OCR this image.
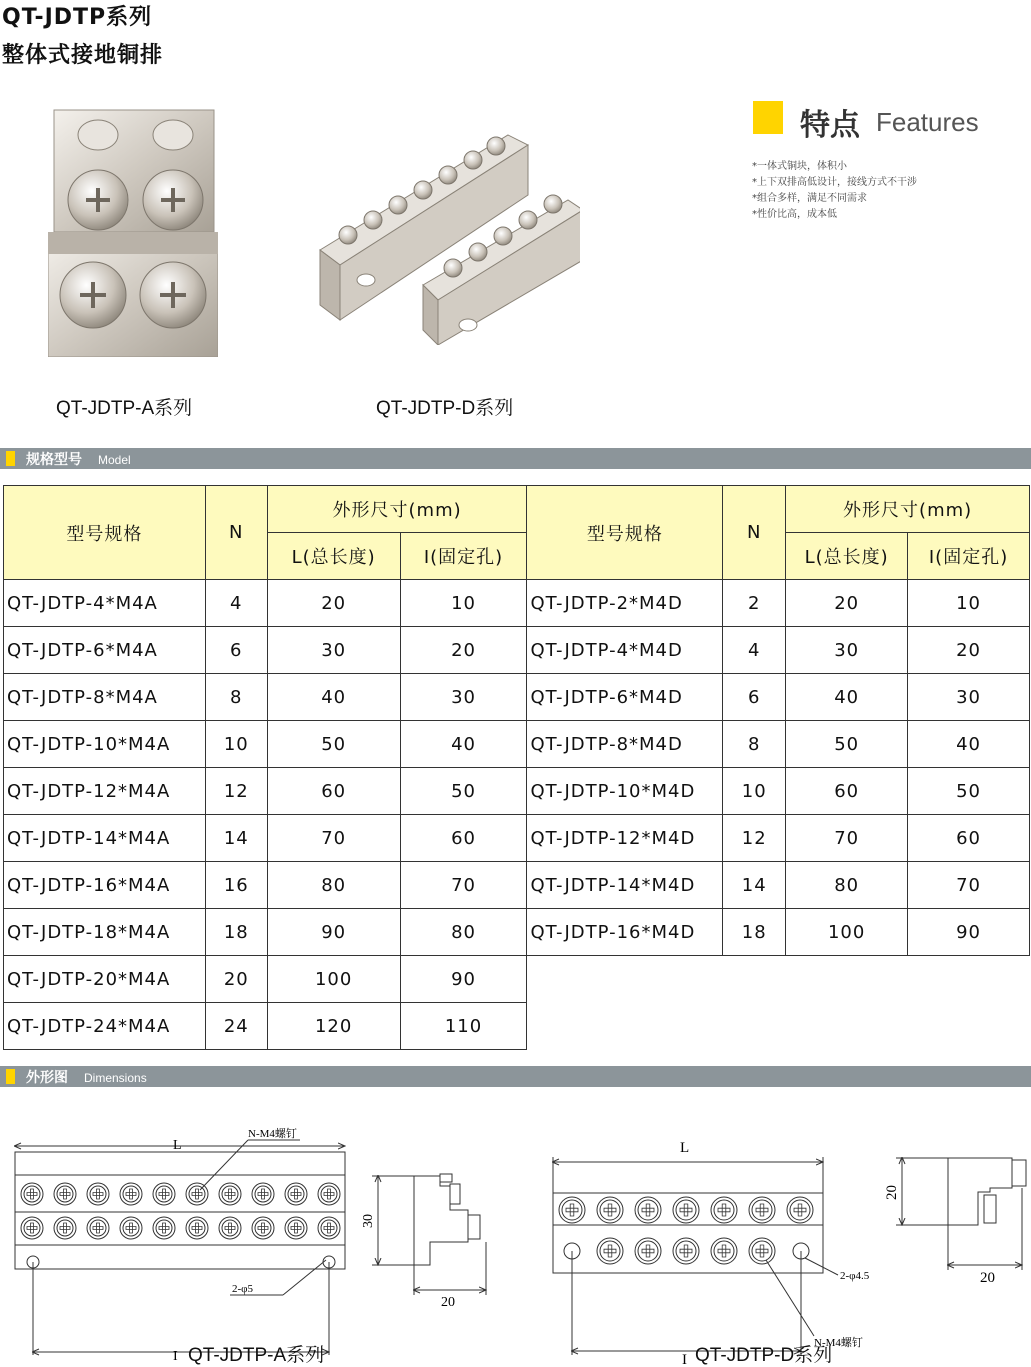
QT-JDTP系列
整体式接地铜排
QT-JDTP-A系列	QT-JDTP-D系列
特点 Features
*一体式铜块，体积小
*上下双排高低设计，接线方式不干涉
*组合多样，满足不同需求
*性价比高，成本低
规格型号 Model
型号规格	N	外形尺寸(mm)		型号规格	N	外形尺寸(mm)	
		L(总长度)	I(固定孔)			L(总长度)	I(固定孔)
QT-JDTP-4*M4A	4	20	10	QT-JDTP-2*M4D	2	20	10
QT-JDTP-6*M4A	6	30	20	QT-JDTP-4*M4D	4	30	20
QT-JDTP-8*M4A	8	40	30	QT-JDTP-6*M4D	6	40	30
QT-JDTP-10*M4A	10	50	40	QT-JDTP-8*M4D	8	50	40
QT-JDTP-12*M4A	12	60	50	QT-JDTP-10*M4D	10	60	50
QT-JDTP-14*M4A	14	70	60	QT-JDTP-12*M4D	12	70	60
QT-JDTP-16*M4A	16	80	70	QT-JDTP-14*M4D	14	80	70
QT-JDTP-18*M4A	18	90	80	QT-JDTP-16*M4D	18	100	90
QT-JDTP-20*M4A	20	100	90				
QT-JDTP-24*M4A	24	120	110				
外形图 Dimensions
L
I
N-M4螺钉
2-φ5
30
20
L
I
2-φ4.5
N-M4螺钉
20
20
QT-JDTP-A系列	QT-JDTP-D系列
